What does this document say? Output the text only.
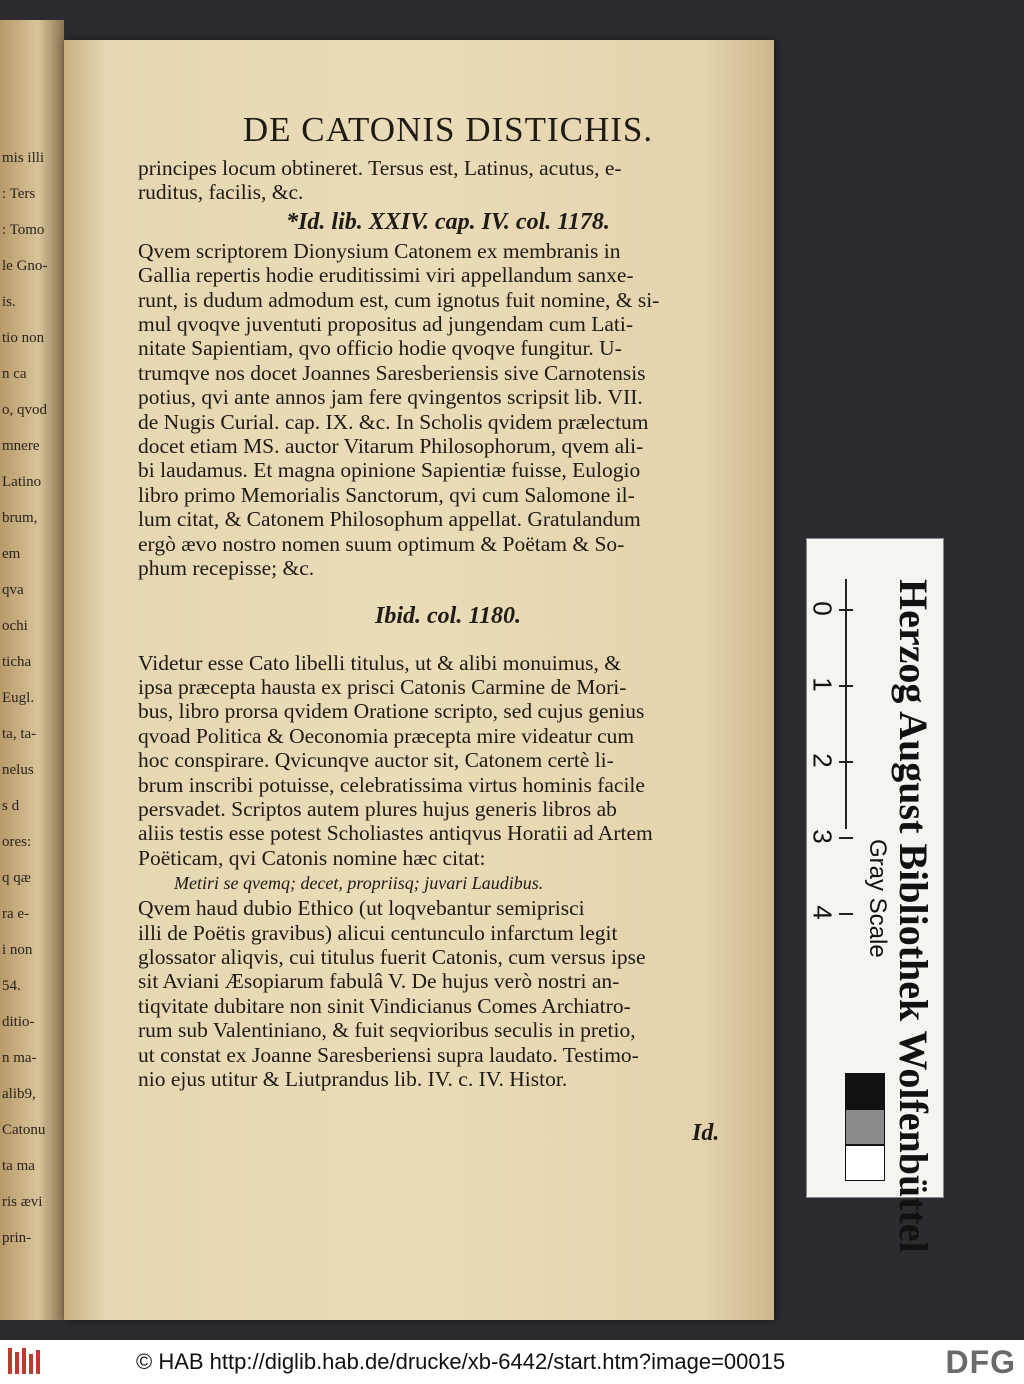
mis illi
: Ters
: Tomo
le Gno-
is.
tio non
n ca
o, qvod
mnere
Latino
brum,
em
qva
ochi
ticha
Eugl.
ta, ta-
nelus
s d
ores:
q qæ
ra e-
i non
54.
ditio-
n ma-
alib9,
Catonu
ta ma
ris ævi
prin-
DE CATONIS DISTICHIS.
principes locum obtineret. Tersus est, Latinus, acutus, e-
ruditus, facilis, &c.
*Id. lib. XXIV. cap. IV. col. 1178.
Qvem scriptorem Dionysium Catonem ex membranis in
Gallia repertis hodie eruditissimi viri appellandum sanxe-
runt, is dudum admodum est, cum ignotus fuit nomine, & si-
mul qvoqve juventuti propositus ad jungendam cum Lati-
nitate Sapientiam, qvo officio hodie qvoqve fungitur. U-
trumqve nos docet Joannes Saresberiensis sive Carnotensis
potius, qvi ante annos jam fere qvingentos scripsit lib. VII.
de Nugis Curial. cap. IX. &c. In Scholis qvidem prælectum
docet etiam MS. auctor Vitarum Philosophorum, qvem ali-
bi laudamus. Et magna opinione Sapientiæ fuisse, Eulogio
libro primo Memorialis Sanctorum, qvi cum Salomone il-
lum citat, & Catonem Philosophum appellat. Gratulandum
ergò ævo nostro nomen suum optimum & Poëtam & So-
phum recepisse; &c.
Ibid. col. 1180.
Videtur esse Cato libelli titulus, ut & alibi monuimus, &
ipsa præcepta hausta ex prisci Catonis Carmine de Mori-
bus, libro prorsa qvidem Oratione scripto, sed cujus genius
qvoad Politica & Oeconomia præcepta mire videatur cum
hoc conspirare. Qvicunqve auctor sit, Catonem certè li-
brum inscribi potuisse, celebratissima virtus hominis facile
persvadet. Scriptos autem plures hujus generis libros ab
aliis testis esse potest Scholiastes antiqvus Horatii ad Artem
Poëticam, qvi Catonis nomine hæc citat:
Metiri se qvemq; decet, propriisq; juvari Laudibus.
Qvem haud dubio Ethico (ut loqvebantur semiprisci
illi de Poëtis gravibus) alicui centunculo infarctum legit
glossator aliqvis, cui titulus fuerit Catonis, cum versus ipse
sit Aviani Æsopiarum fabulâ V. De hujus verò nostri an-
tiqvitate dubitare non sinit Vindicianus Comes Archiatro-
rum sub Valentiniano, & fuit seqvioribus seculis in pretio,
ut constat ex Joanne Saresberiensi supra laudato. Testimo-
nio ejus utitur & Liutprandus lib. IV. c. IV. Histor.
Id.
0
1
2
3
4	Herzog August Bibliothek Wolfenbüttel
Gray Scale
© HAB http://diglib.hab.de/drucke/xb-6442/start.htm?image=00015	DFG
